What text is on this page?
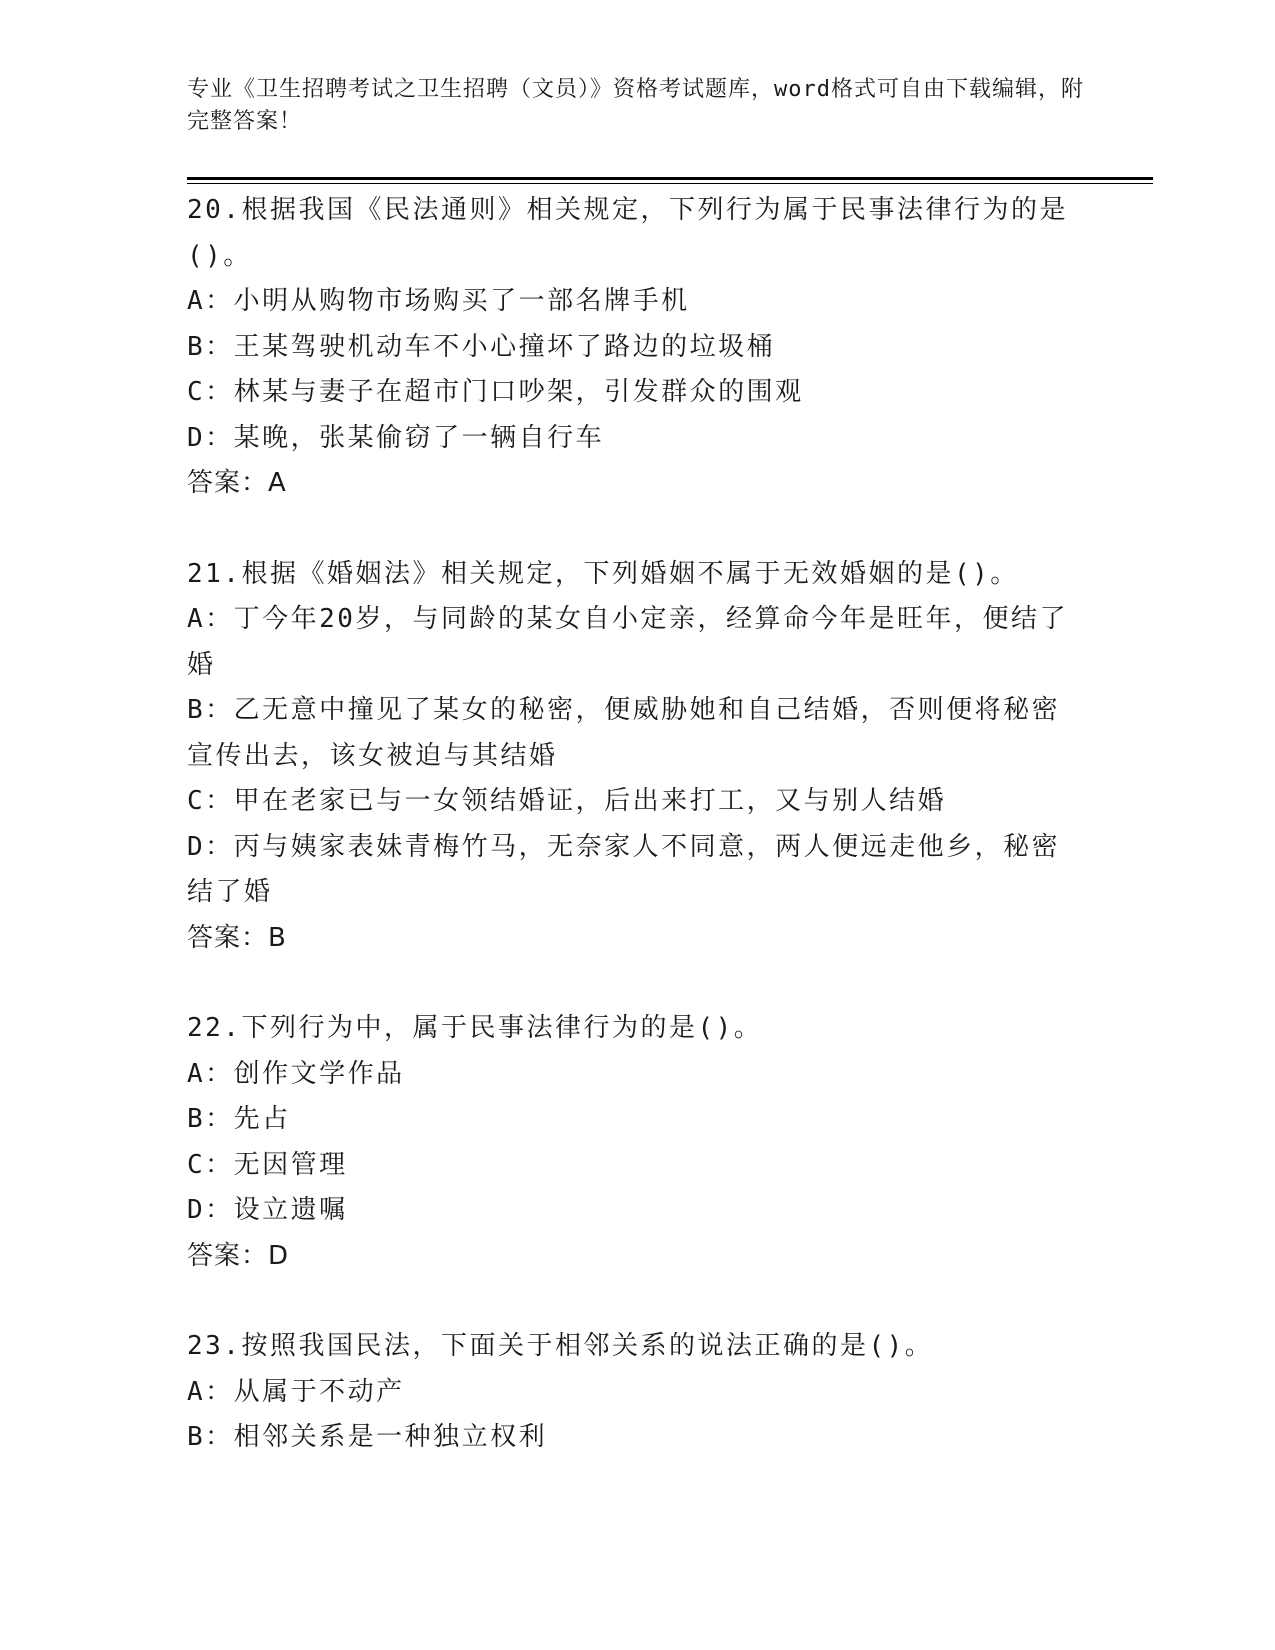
专业《卫生招聘考试之卫生招聘（文员）》资格考试题库，word格式可自由下载编辑，附完整答案！

20.根据我国《民法通则》相关规定，下列行为属于民事法律行为的是()。

A：小明从购物市场购买了一部名牌手机

B：王某驾驶机动车不小心撞坏了路边的垃圾桶

C：林某与妻子在超市门口吵架，引发群众的围观

D：某晚，张某偷窃了一辆自行车

答案：A

21.根据《婚姻法》相关规定，下列婚姻不属于无效婚姻的是()。

A：丁今年20岁，与同龄的某女自小定亲，经算命今年是旺年，便结了婚

B：乙无意中撞见了某女的秘密，便威胁她和自己结婚，否则便将秘密宣传出去，该女被迫与其结婚

C：甲在老家已与一女领结婚证，后出来打工，又与别人结婚

D：丙与姨家表妹青梅竹马，无奈家人不同意，两人便远走他乡，秘密结了婚

答案：B

22.下列行为中，属于民事法律行为的是()。

A：创作文学作品

B：先占

C：无因管理

D：设立遗嘱

答案：D

23.按照我国民法，下面关于相邻关系的说法正确的是()。

A：从属于不动产

B：相邻关系是一种独立权利
